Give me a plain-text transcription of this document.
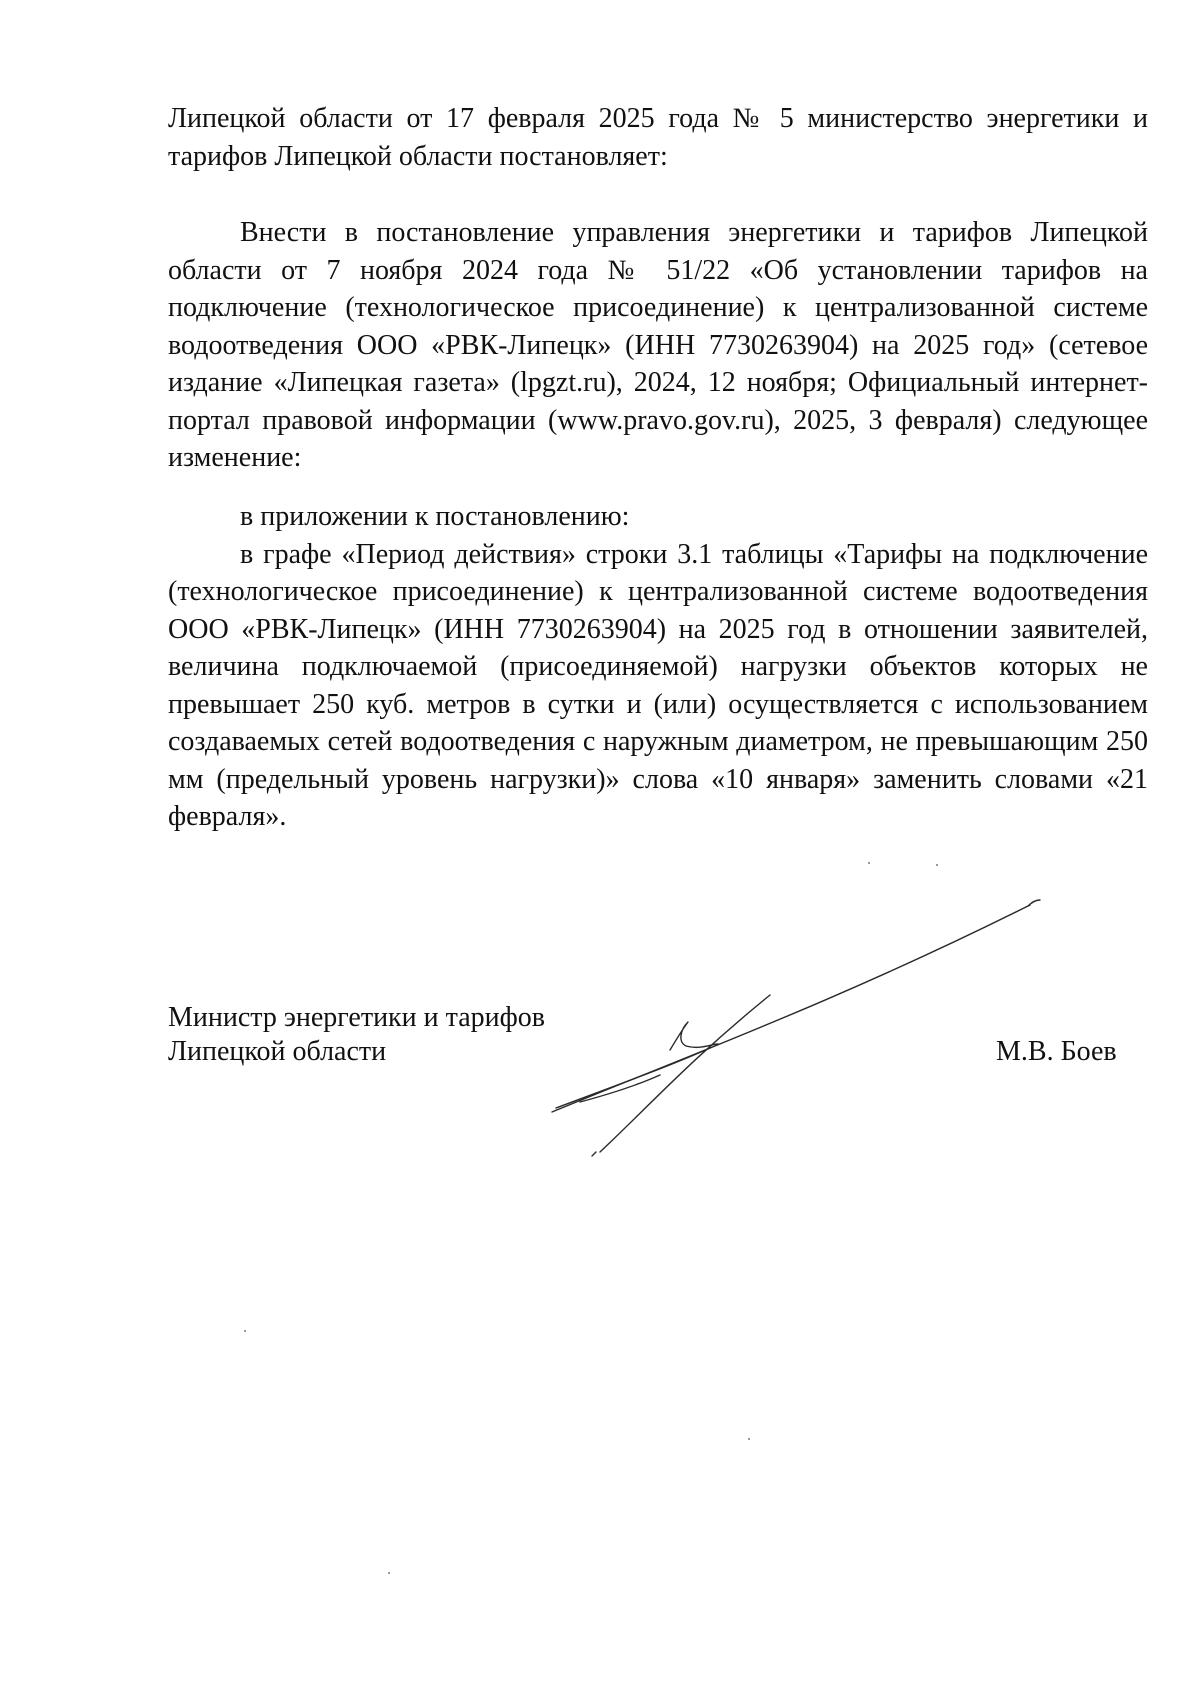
Липецкой области от 17 февраля 2025 года № 5 министерство энергетики и тарифов Липецкой области постановляет:

Внести в постановление управления энергетики и тарифов Липецкой области от 7 ноября 2024 года № 51/22 «Об установлении тарифов на подключение (технологическое присоединение) к централизованной системе водоотведения ООО «РВК-Липецк» (ИНН 7730263904) на 2025 год» (сетевое издание «Липецкая газета» (lpgzt.ru), 2024, 12 ноября; Официальный интернет-портал правовой информации (www.pravo.gov.ru), 2025, 3 февраля) следующее изменение:

в приложении к постановлению:

в графе «Период действия» строки 3.1 таблицы «Тарифы на подключение (технологическое присоединение) к централизованной системе водоотведения ООО «РВК-Липецк» (ИНН 7730263904) на 2025 год в отношении заявителей, величина подключаемой (присоединяемой) нагрузки объектов которых не превышает 250 куб. метров в сутки и (или) осуществляется с использованием создаваемых сетей водоотведения с наружным диаметром, не превышающим 250 мм (предельный уровень нагрузки)» слова «10 января» заменить словами «21 февраля».

Министр энергетики и тарифов
Липецкой области	М.В. Боев
